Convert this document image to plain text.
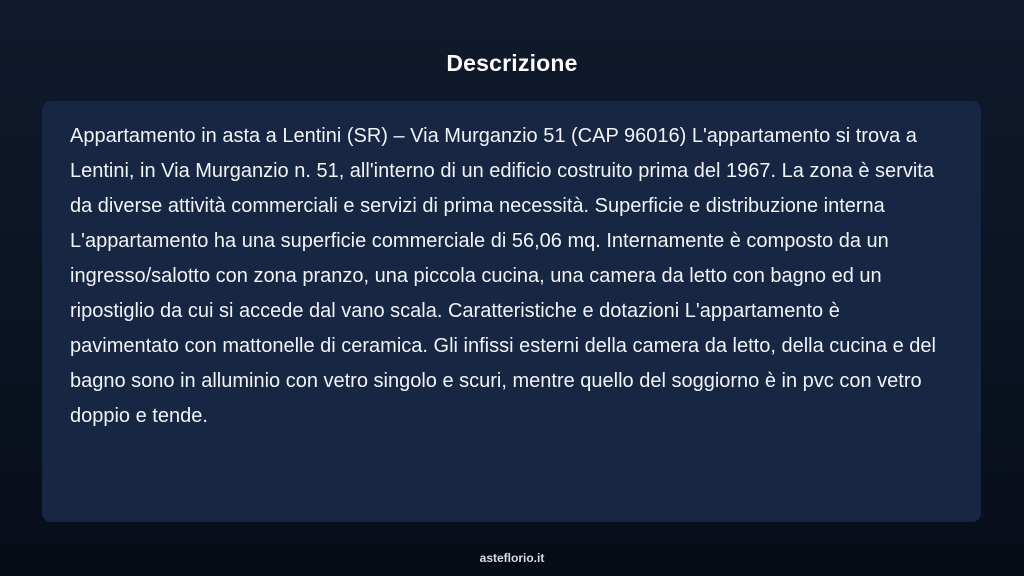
Descrizione

Appartamento in asta a Lentini (SR) – Via Murganzio 51 (CAP 96016) L'appartamento si trova a Lentini, in Via Murganzio n. 51, all'interno di un edificio costruito prima del 1967. La zona è servita da diverse attività commerciali e servizi di prima necessità. Superficie e distribuzione interna L'appartamento ha una superficie commerciale di 56,06 mq. Internamente è composto da un ingresso/salotto con zona pranzo, una piccola cucina, una camera da letto con bagno ed un ripostiglio da cui si accede dal vano scala. Caratteristiche e dotazioni L'appartamento è pavimentato con mattonelle di ceramica. Gli infissi esterni della camera da letto, della cucina e del bagno sono in alluminio con vetro singolo e scuri, mentre quello del soggiorno è in pvc con vetro doppio e tende.

asteflorio.it
